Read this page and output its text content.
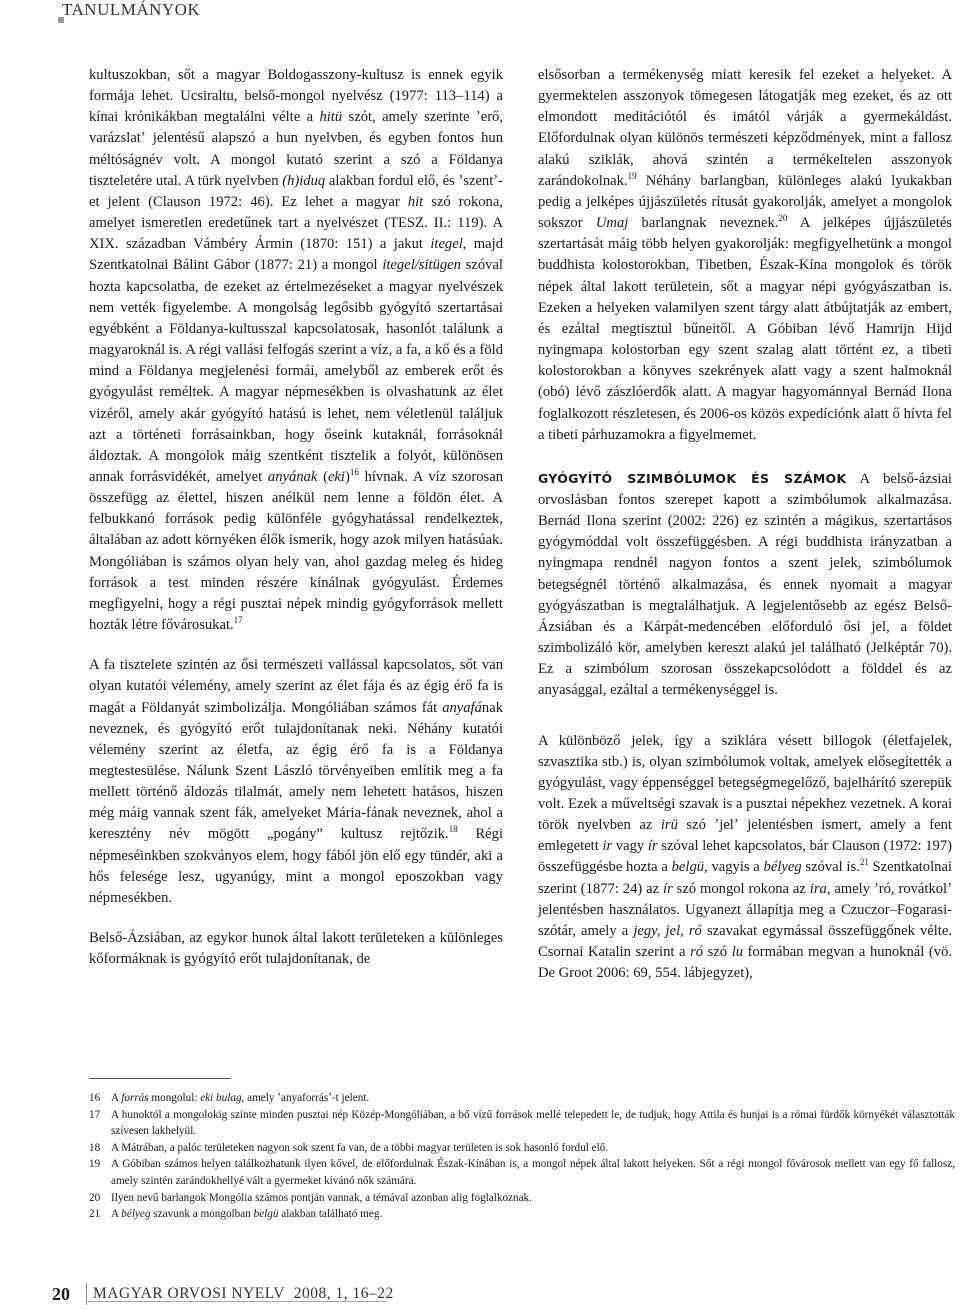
TANULMÁNYOK

kultuszokban, sőt a magyar Boldogasszony-kultusz is ennek egyik formája lehet. Ucsiraltu, belső-mongol nyelvész (1977: 113–114) a kínai krónikákban megtalálni vélte a hitü szót, amely szerinte ʼerő, varázslatʼ jelentésű alapszó a hun nyelvben, és egyben fontos hun méltóságnév volt. A mongol kutató szerint a szó a Földanya tiszteletére utal. A türk nyelvben (h)iduq alakban fordul elő, és ʼszentʼ-et jelent (Clauson 1972: 46). Ez lehet a magyar hit szó rokona, amelyet ismeretlen eredetűnek tart a nyelvészet (TESZ. II.: 119). A XIX. században Vámbéry Ármin (1870: 151) a jakut itegel, majd Szentkatolnai Bálint Gábor (1877: 21) a mongol itegel/sitügen szóval hozta kapcsolatba, de ezeket az értelmezéseket a magyar nyelvészek nem vették figyelembe. A mongolság legősibb gyógyító szertartásai egyébként a Földanya-kultusszal kapcsolatosak, hasonlót találunk a magyaroknál is. A régi vallási felfogás szerint a víz, a fa, a kő és a föld mind a Földanya megjelenési formái, amelyből az emberek erőt és gyógyulást reméltek. A magyar népmesékben is olvashatunk az élet vizéről, amely akár gyógyító hatású is lehet, nem véletlenül találjuk azt a történeti forrásainkban, hogy őseink kutaknál, forrásoknál áldoztak. A mongolok máig szentként tisztelik a folyót, különösen annak forrásvidékét, amelyet anyának (eki)$^{16}$ hívnak. A víz szorosan összefügg az élettel, hiszen anélkül nem lenne a földön élet. A felbukkanó források pedig különféle gyógyhatással rendelkeztek, általában az adott környéken élők ismerik, hogy azok milyen hatásúak. Mongóliában is számos olyan hely van, ahol gazdag meleg és hideg források a test minden részére kínálnak gyógyulást. Érdemes megfigyelni, hogy a régi pusztai népek mindig gyógyforrások mellett hozták létre fővárosukat.$^{17}$

A fa tisztelete szintén az ősi természeti vallással kapcsolatos, sőt van olyan kutatói vélemény, amely szerint az élet fája és az égig érő fa is magát a Földanyát szimbolizálja. Mongóliában számos fát anyafának neveznek, és gyógyító erőt tulajdonítanak neki. Néhány kutatói vélemény szerint az életfa, az égig érő fa is a Földanya megtestesülése. Nálunk Szent László törvényeiben említik meg a fa mellett történő áldozás tilalmát, amely nem lehetett hatásos, hiszen még máig vannak szent fák, amelyeket Mária-fának neveznek, ahol a keresztény név mögött „pogány” kultusz rejtőzik.$^{18}$ Régi népmeséinkben szokványos elem, hogy fából jön elő egy tündér, aki a hős felesége lesz, ugyanúgy, mint a mongol eposzokban vagy népmesékben.

Belső-Ázsiában, az egykor hunok által lakott területeken a különleges kőformáknak is gyógyító erőt tulajdonítanak, de

elsősorban a termékenység miatt keresik fel ezeket a helyeket. A gyermektelen asszonyok tömegesen látogatják meg ezeket, és az ott elmondott meditációtól és imától várják a gyermekáldást. Előfordulnak olyan különös természeti képződmények, mint a fallosz alakú sziklák, ahová szintén a termékeltelen asszonyok zarándokolnak.$^{19}$ Néhány barlangban, különleges alakú lyukakban pedig a jelképes újjászületés rítusát gyakorolják, amelyet a mongolok sokszor Umaj barlangnak neveznek.$^{20}$ A jelképes újjászületés szertartását máig több helyen gyakorolják: megfigyelhetünk a mongol buddhista kolostorokban, Tibetben, Észak-Kína mongolok és török népek által lakott területein, sőt a magyar népi gyógyászatban is. Ezeken a helyeken valamilyen szent tárgy alatt átbújtatják az embert, és ezáltal megtisztul bűneitől. A Góbiban lévő Hamrijn Hijd nyingmapa kolostorban egy szent szalag alatt történt ez, a tibeti kolostorokban a könyves szekrények alatt vagy a szent halmoknál (obó) lévő zászlóerdők alatt. A magyar hagyománnyal Bernád Ilona foglalkozott részletesen, és 2006-os közös expedíciónk alatt ő hívta fel a tibeti párhuzamokra a figyelmemet.

GYÓGYÍTÓ SZIMBÓLUMOK ÉS SZÁMOK A belső-ázsiai orvoslásban fontos szerepet kapott a szimbólumok alkalmazása. Bernád Ilona szerint (2002: 226) ez szintén a mágikus, szertartásos gyógymóddal volt összefüggésben. A régi buddhista irányzatban a nyingmapa rendnél nagyon fontos a szent jelek, szimbólumok betegségnél történő alkalmazása, és ennek nyomait a magyar gyógyászatban is megtalálhatjuk. A legjelentősebb az egész Belső-Ázsiában és a Kárpát-medencében előforduló ősi jel, a földet szimbolizáló kör, amelyben kereszt alakú jel található (Jelképtár 70). Ez a szimbólum szorosan összekapcsolódott a földdel és az anyasággal, ezáltal a termékenységgel is.

A különböző jelek, így a sziklára vésett billogok (életfajelek, szvasztika stb.) is, olyan szimbólumok voltak, amelyek elősegítették a gyógyulást, vagy éppenséggel betegségmegelőző, bajelhárító szerepük volt. Ezek a műveltségi szavak is a pusztai népekhez vezetnek. A korai török nyelvben az irü szó ʼjelʼ jelentésben ismert, amely a fent emlegetett ir vagy ír szóval lehet kapcsolatos, bár Clauson (1972: 197) összefüggésbe hozta a belgü, vagyis a bélyeg szóval is.$^{21}$ Szentkatolnai szerint (1877: 24) az ír szó mongol rokona az ira, amely ʼró, rovátkolʼ jelentésben használatos. Ugyanezt állapítja meg a Czuczor–Fogarasi-szótár, amely a jegy, jel, ró szavakat egymással összefüggőnek vélte. Csornai Katalin szerint a ró szó lu formában megvan a hunoknál (vö. De Groot 2006: 69, 554. lábjegyzet),

16 A forrás mongolul: eki bulag, amely ʼanyaforrásʼ-t jelent.
17 A hunoktól a mongolokig szinte minden pusztai nép Közép-Mongóliában, a bő vízű források mellé telepedett le, de tudjuk, hogy Attila és hunjai is a római fürdők környékét választották szívesen lakhelyül.
18 A Mátrában, a palóc területeken nagyon sok szent fa van, de a többi magyar területen is sok hasonló fordul elő.
19 A Góbiban számos helyen találkozhatunk ilyen kővel, de előfordulnak Észak-Kínában is, a mongol népek által lakott helyeken. Sőt a régi mongol fővárosok mellett van egy fő fallosz, amely szintén zarándokhellyé vált a gyermeket kívánó nők számára.
20 Ilyen nevű barlangok Mongólia számos pontján vannak, a témával azonban alig foglalkoznak.
21 A bélyeg szavunk a mongolban belgü alakban található meg.
20	MAGYAR ORVOSI NYELV 2008, 1, 16–22
